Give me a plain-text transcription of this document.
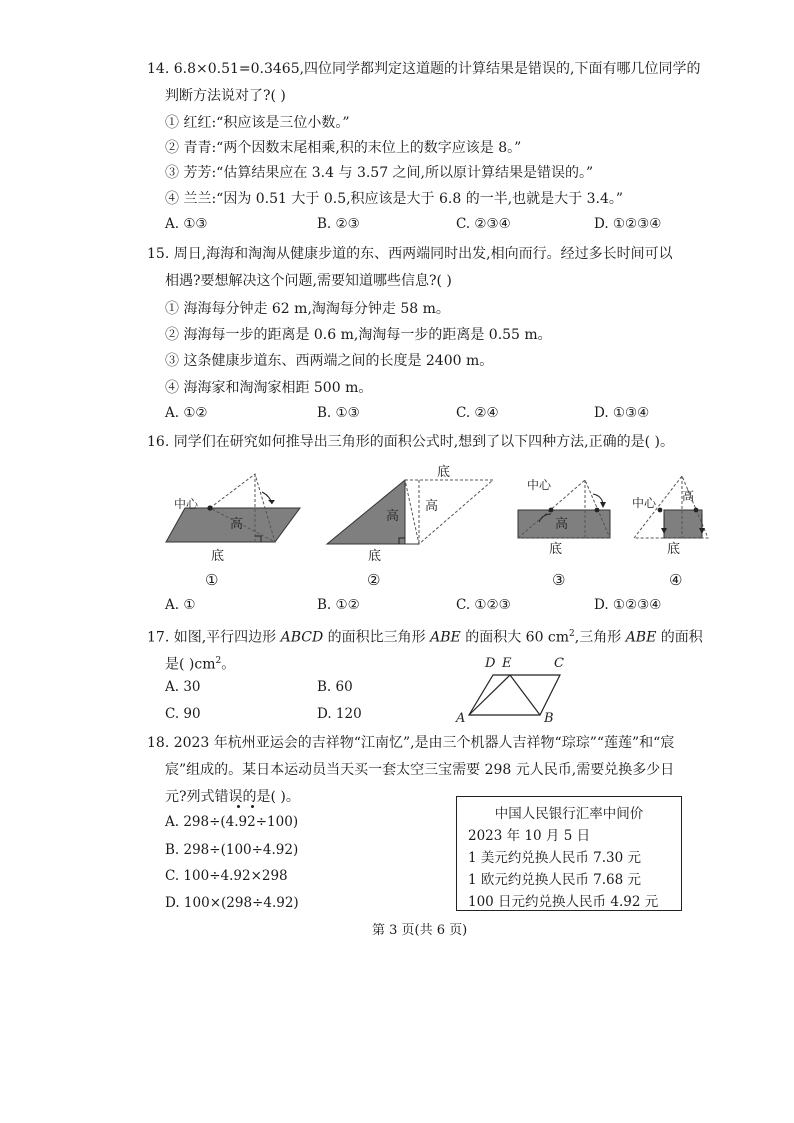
14. 6.8×0.51=0.3465,四位同学都判定这道题的计算结果是错误的,下面有哪几位同学的
判断方法说对了?( )
① 红红:“积应该是三位小数。”
② 青青:“两个因数末尾相乘,积的末位上的数字应该是 8。”
③ 芳芳:“估算结果应在 3.4 与 3.57 之间,所以原计算结果是错误的。”
④ 兰兰:“因为 0.51 大于 0.5,积应该是大于 6.8 的一半,也就是大于 3.4。”
A. ①③	B. ②③	C. ②③④	D. ①②③④
15. 周日,海海和淘淘从健康步道的东、西两端同时出发,相向而行。经过多长时间可以
相遇?要想解决这个问题,需要知道哪些信息?( )
① 海海每分钟走 62 m,淘淘每分钟走 58 m。
② 海海每一步的距离是 0.6 m,淘淘每一步的距离是 0.55 m。
③ 这条健康步道东、西两端之间的长度是 2400 m。
④ 海海家和淘淘家相距 500 m。
A. ①②	B. ①③	C. ②④	D. ①③④
16. 同学们在研究如何推导出三角形的面积公式时,想到了以下四种方法,正确的是( )。
中心
高
底
①
高
高
底
底
②
高
中心
底
③
高
中心
底
④
A. ①	B. ①②	C. ①②③	D. ①②③④
17. 如图,平行四边形 ABCD 的面积比三角形 ABE 的面积大 60 $cm^2$,三角形 ABE 的面积
是( )$cm^2$。
A. 30	B. 60
C. 90	D. 120
D E	C
A	B
18. 2023 年杭州亚运会的吉祥物“江南忆”,是由三个机器人吉祥物“琮琮”“莲莲”和“宸
宸”组成的。某日本运动员当天买一套太空三宝需要 298 元人民币,需要兑换多少日
元?列式错误的是( )。
A. 298÷(4.92÷100)
B. 298÷(100÷4.92)
C. 100÷4.92×298
D. 100×(298÷4.92)
中国人民银行汇率中间价
2023 年 10 月 5 日
1 美元约兑换人民币 7.30 元
1 欧元约兑换人民币 7.68 元
100 日元约兑换人民币 4.92 元
第 3 页(共 6 页)
